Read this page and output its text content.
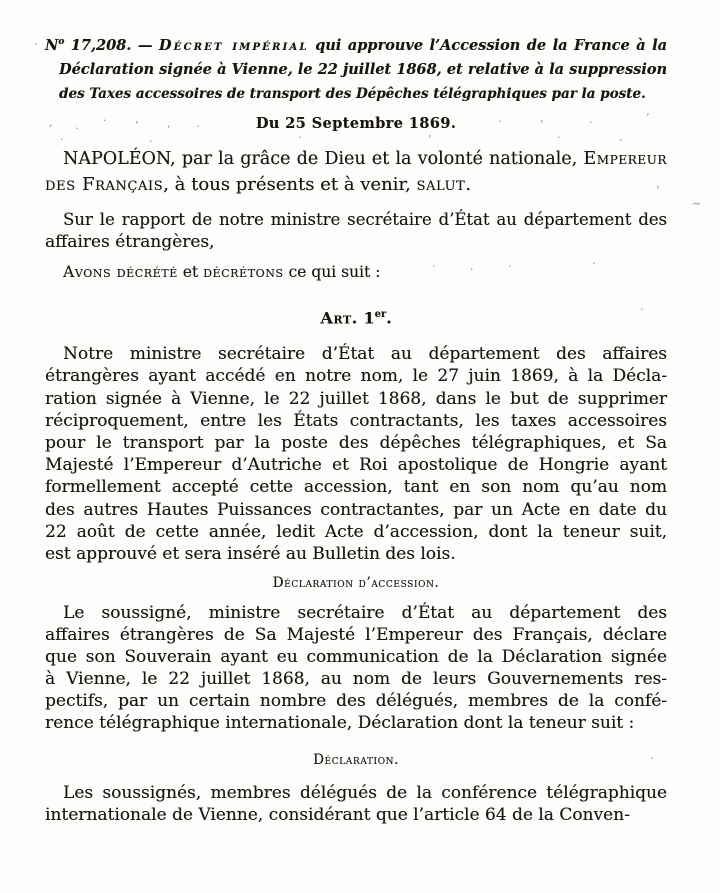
$N^o$ 17,208. — Décret impérial qui approuve l’Accession de la France à la
Déclaration signée à Vienne, le 22 juillet 1868, et relative à la suppression
des Taxes accessoires de transport des Dépêches télégraphiques par la poste.
Du 25 Septembre 1869.
NAPOLÉON, par la grâce de Dieu et la volonté nationale, Empereur
des Français, à tous présents et à venir, salut.
Sur le rapport de notre ministre secrétaire d’État au département des
affaires étrangères,
Avons décrété et décrétons ce qui suit :
Art. 1er.
Notre ministre secrétaire d’État au département des affaires
étrangères ayant accédé en notre nom, le 27 juin 1869, à la Décla-
ration signée à Vienne, le 22 juillet 1868, dans le but de supprimer
réciproquement, entre les États contractants, les taxes accessoires
pour le transport par la poste des dépêches télégraphiques, et Sa
Majesté l’Empereur d’Autriche et Roi apostolique de Hongrie ayant
formellement accepté cette accession, tant en son nom qu’au nom
des autres Hautes Puissances contractantes, par un Acte en date du
22 août de cette année, ledit Acte d’accession, dont la teneur suit,
est approuvé et sera inséré au Bulletin des lois.
Déclaration d’accession.
Le soussigné, ministre secrétaire d’État au département des
affaires étrangères de Sa Majesté l’Empereur des Français, déclare
que son Souverain ayant eu communication de la Déclaration signée
à Vienne, le 22 juillet 1868, au nom de leurs Gouvernements res-
pectifs, par un certain nombre des délégués, membres de la confé-
rence télégraphique internationale, Déclaration dont la teneur suit :
Déclaration.
Les soussignés, membres délégués de la conférence télégraphique
internationale de Vienne, considérant que l’article 64 de la Conven-
·
, . ·	’	, ·	·	’	·	’
·	·	·	’	·	·
’
~
·	·	·	·
·
·
